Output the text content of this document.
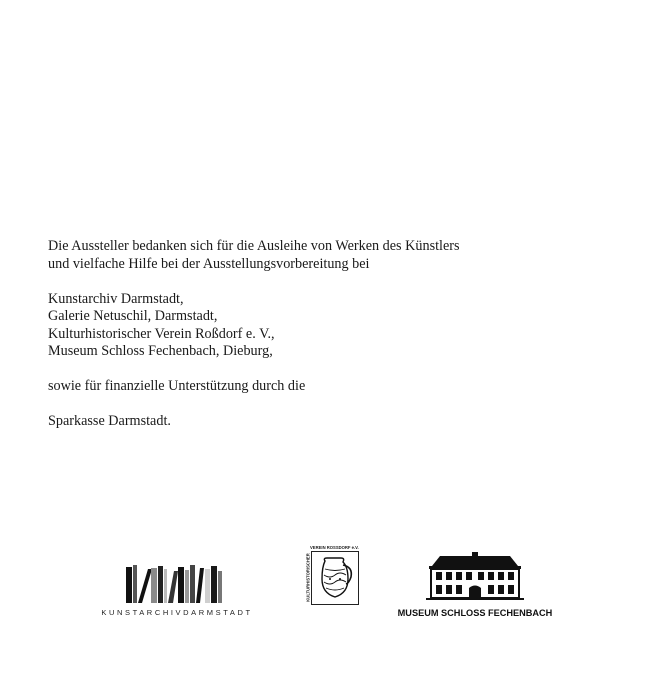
Die Aussteller bedanken sich für die Ausleihe von Werken des Künstlers
und vielfache Hilfe bei der Ausstellungsvorbereitung bei

Kunstarchiv Darmstadt,
Galerie Netuschil, Darmstadt,
Kulturhistorischer Verein Roßdorf e. V.,
Museum Schloss Fechenbach, Dieburg,

sowie für finanzielle Unterstützung durch die

Sparkasse Darmstadt.

KUNSTARCHIVDARMSTADT
VEREIN ROSSDORF e.V.
KULTURHISTORISCHER
MUSEUM SCHLOSS FECHENBACH
